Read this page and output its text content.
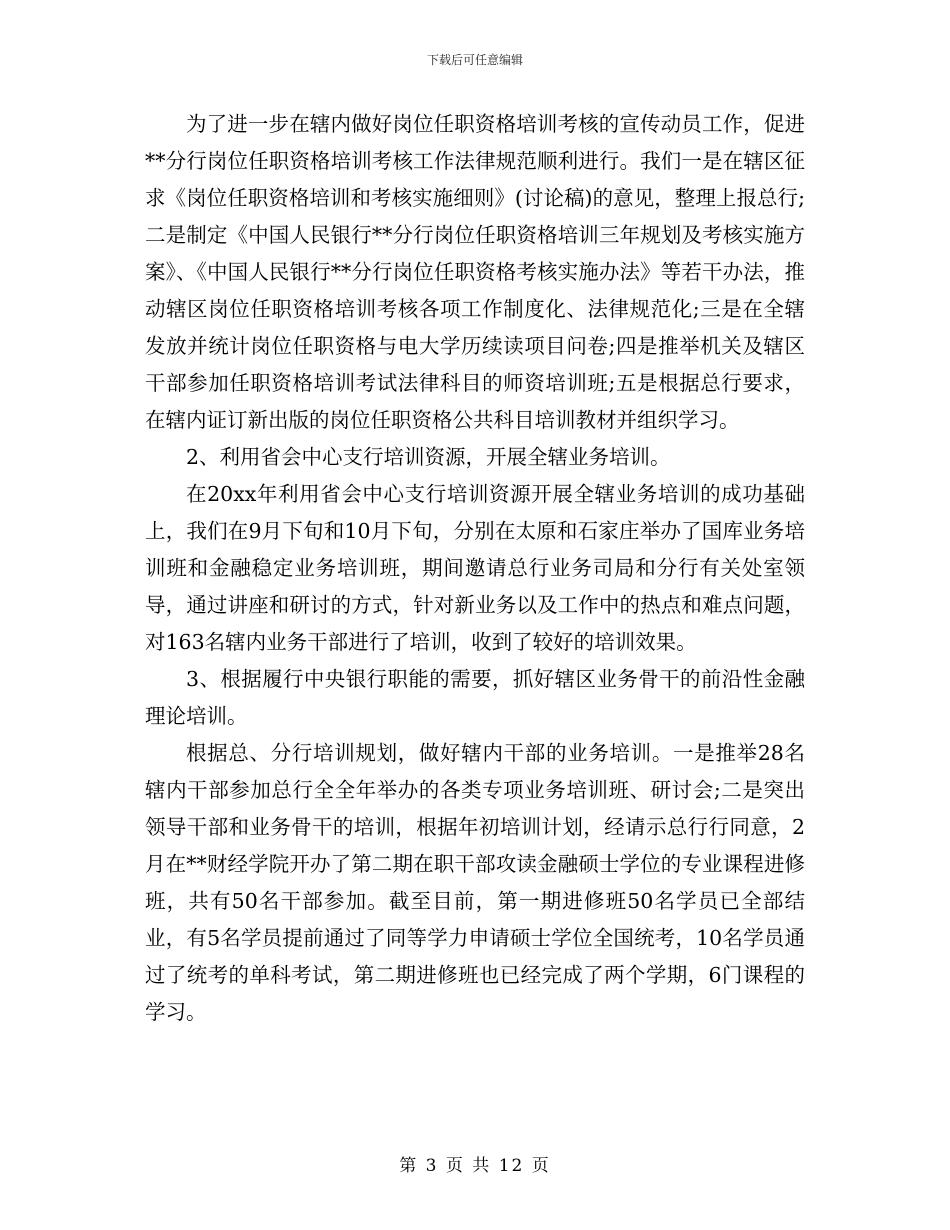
下载后可任意编辑

为了进一步在辖内做好岗位任职资格培训考核的宣传动员工作，促进**分行岗位任职资格培训考核工作法律规范顺利进行。我们一是在辖区征求《岗位任职资格培训和考核实施细则》(讨论稿)的意见，整理上报总行;二是制定《中国人民银行**分行岗位任职资格培训三年规划及考核实施方案》、《中国人民银行**分行岗位任职资格考核实施办法》等若干办法，推动辖区岗位任职资格培训考核各项工作制度化、法律规范化;三是在全辖发放并统计岗位任职资格与电大学历续读项目问卷;四是推举机关及辖区干部参加任职资格培训考试法律科目的师资培训班;五是根据总行要求，在辖内证订新出版的岗位任职资格公共科目培训教材并组织学习。

2、利用省会中心支行培训资源，开展全辖业务培训。

在20xx年利用省会中心支行培训资源开展全辖业务培训的成功基础上，我们在9月下旬和10月下旬，分别在太原和石家庄举办了国库业务培训班和金融稳定业务培训班，期间邀请总行业务司局和分行有关处室领导，通过讲座和研讨的方式，针对新业务以及工作中的热点和难点问题，对163名辖内业务干部进行了培训，收到了较好的培训效果。

3、根据履行中央银行职能的需要，抓好辖区业务骨干的前沿性金融理论培训。

根据总、分行培训规划，做好辖内干部的业务培训。一是推举28名辖内干部参加总行全全年举办的各类专项业务培训班、研讨会;二是突出领导干部和业务骨干的培训，根据年初培训计划，经请示总行行同意，2月在**财经学院开办了第二期在职干部攻读金融硕士学位的专业课程进修班，共有50名干部参加。截至目前，第一期进修班50名学员已全部结业，有5名学员提前通过了同等学力申请硕士学位全国统考，10名学员通过了统考的单科考试，第二期进修班也已经完成了两个学期，6门课程的学习。

第 3 页 共 12 页
